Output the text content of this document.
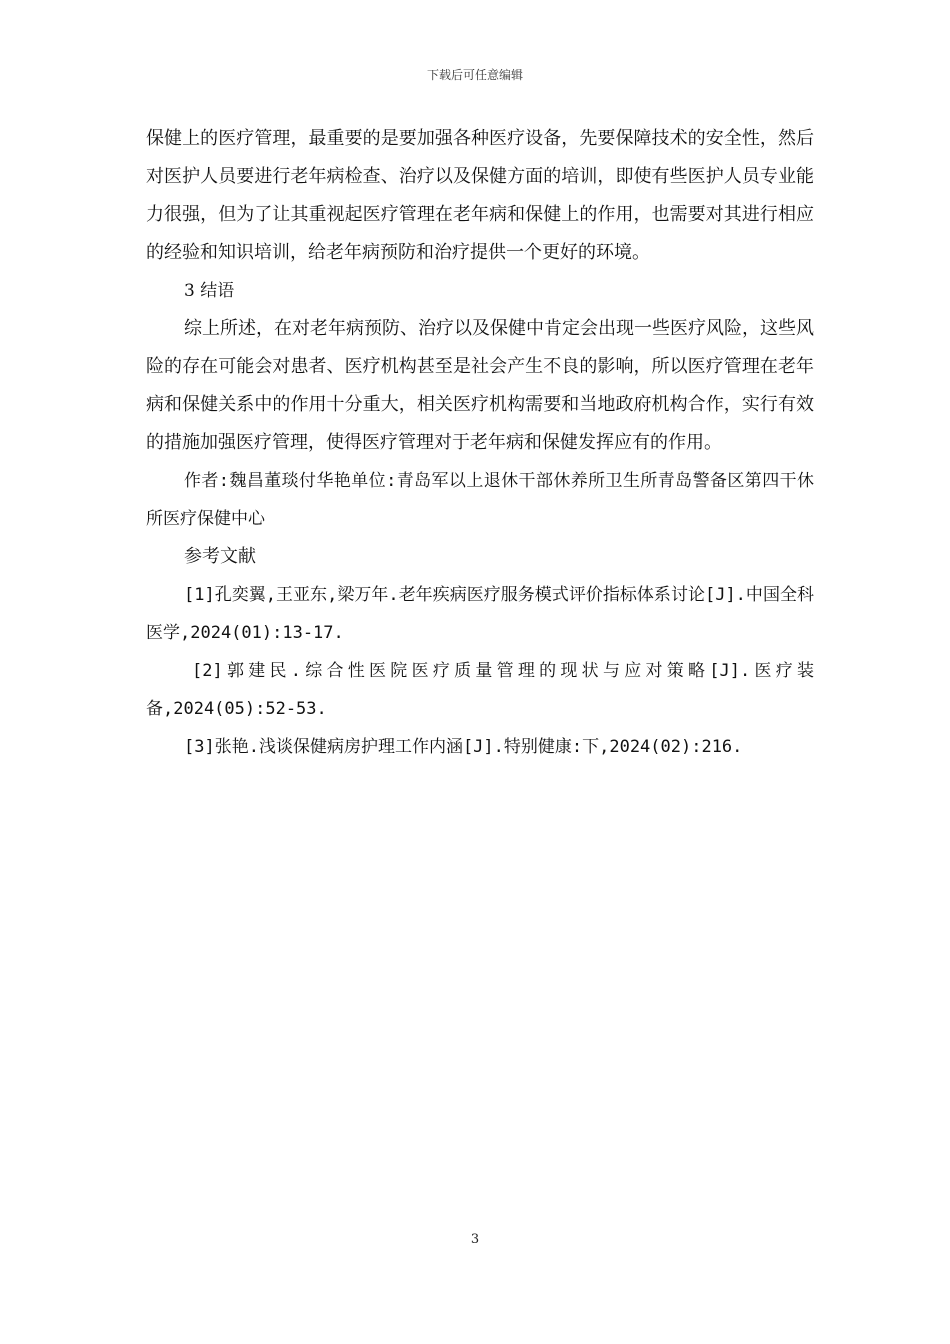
下载后可任意编辑

保健上的医疗管理，最重要的是要加强各种医疗设备，先要保障技术的安全性，然后对医护人员要进行老年病检查、治疗以及保健方面的培训，即使有些医护人员专业能力很强，但为了让其重视起医疗管理在老年病和保健上的作用，也需要对其进行相应的经验和知识培训，给老年病预防和治疗提供一个更好的环境。

3 结语

综上所述，在对老年病预防、治疗以及保健中肯定会出现一些医疗风险，这些风险的存在可能会对患者、医疗机构甚至是社会产生不良的影响，所以医疗管理在老年病和保健关系中的作用十分重大，相关医疗机构需要和当地政府机构合作，实行有效的措施加强医疗管理，使得医疗管理对于老年病和保健发挥应有的作用。

作者:魏昌董琰付华艳单位:青岛军以上退休干部休养所卫生所青岛警备区第四干休所医疗保健中心

参考文献

[1]孔奕翼,王亚东,梁万年.老年疾病医疗服务模式评价指标体系讨论[J].中国全科医学,2024(01):13-17.

[2]郭建民.综合性医院医疗质量管理的现状与应对策略[J].医疗装备,2024(05):52-53.

[3]张艳.浅谈保健病房护理工作内涵[J].特别健康:下,2024(02):216.

3
